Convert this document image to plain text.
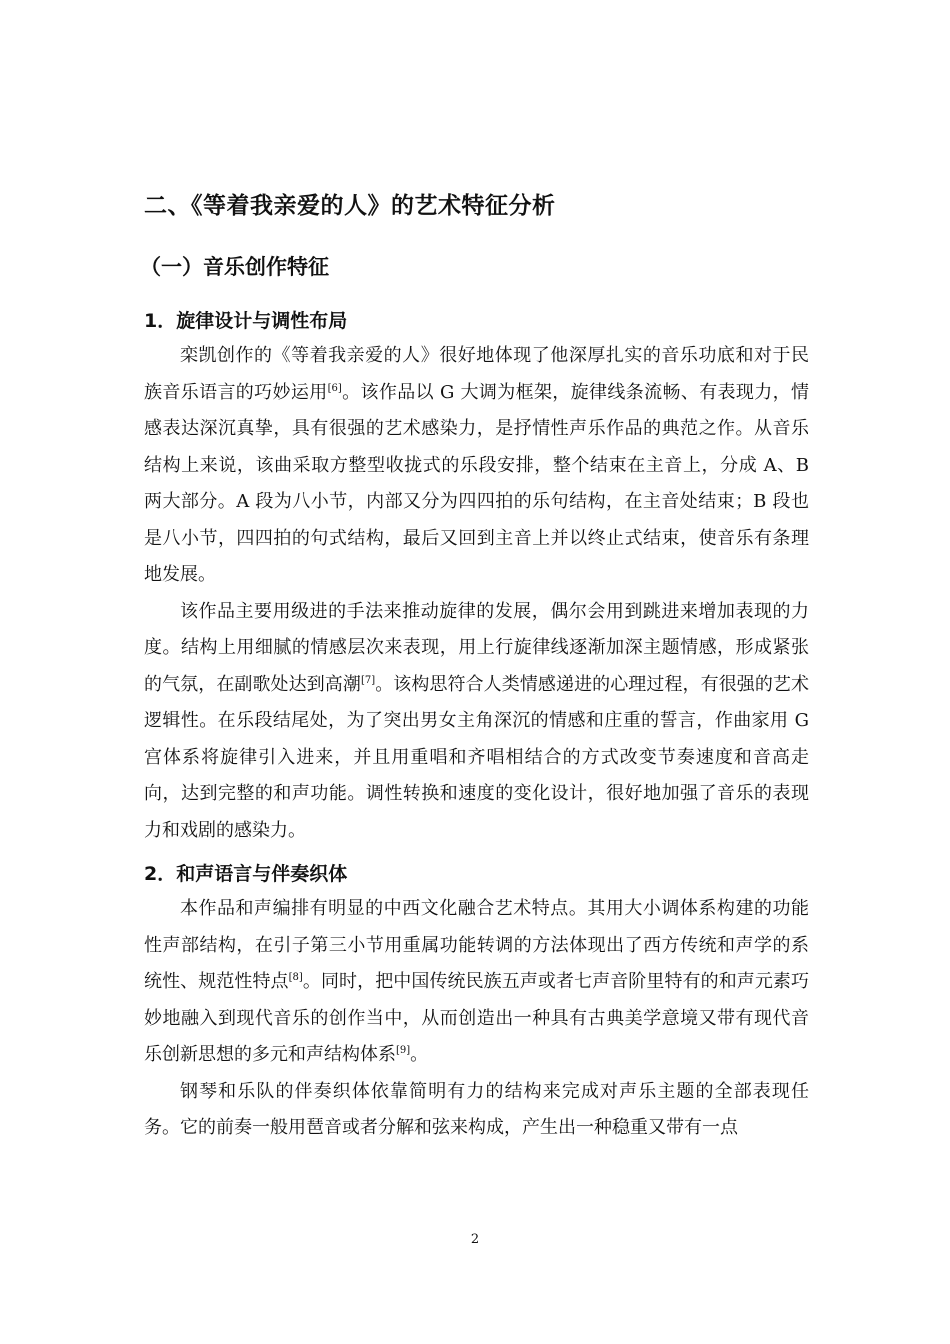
二、《等着我亲爱的人》的艺术特征分析
（一）音乐创作特征
1．旋律设计与调性布局

栾凯创作的《等着我亲爱的人》很好地体现了他深厚扎实的音乐功底和对于民族音乐语言的巧妙运用[6]。该作品以 G 大调为框架，旋律线条流畅、有表现力，情感表达深沉真挚，具有很强的艺术感染力，是抒情性声乐作品的典范之作。从音乐结构上来说，该曲采取方整型收拢式的乐段安排，整个结束在主音上，分成 A、B 两大部分。A 段为八小节，内部又分为四四拍的乐句结构，在主音处结束；B 段也是八小节，四四拍的句式结构，最后又回到主音上并以终止式结束，使音乐有条理地发展。

该作品主要用级进的手法来推动旋律的发展，偶尔会用到跳进来增加表现的力度。结构上用细腻的情感层次来表现，用上行旋律线逐渐加深主题情感，形成紧张的气氛，在副歌处达到高潮[7]。该构思符合人类情感递进的心理过程，有很强的艺术逻辑性。在乐段结尾处，为了突出男女主角深沉的情感和庄重的誓言，作曲家用 G 宫体系将旋律引入进来，并且用重唱和齐唱相结合的方式改变节奏速度和音高走向，达到完整的和声功能。调性转换和速度的变化设计，很好地加强了音乐的表现力和戏剧的感染力。

2．和声语言与伴奏织体

本作品和声编排有明显的中西文化融合艺术特点。其用大小调体系构建的功能性声部结构，在引子第三小节用重属功能转调的方法体现出了西方传统和声学的系统性、规范性特点[8]。同时，把中国传统民族五声或者七声音阶里特有的和声元素巧妙地融入到现代音乐的创作当中，从而创造出一种具有古典美学意境又带有现代音乐创新思想的多元和声结构体系[9]。

钢琴和乐队的伴奏织体依靠简明有力的结构来完成对声乐主题的全部表现任务。它的前奏一般用琶音或者分解和弦来构成，产生出一种稳重又带有一点

2
